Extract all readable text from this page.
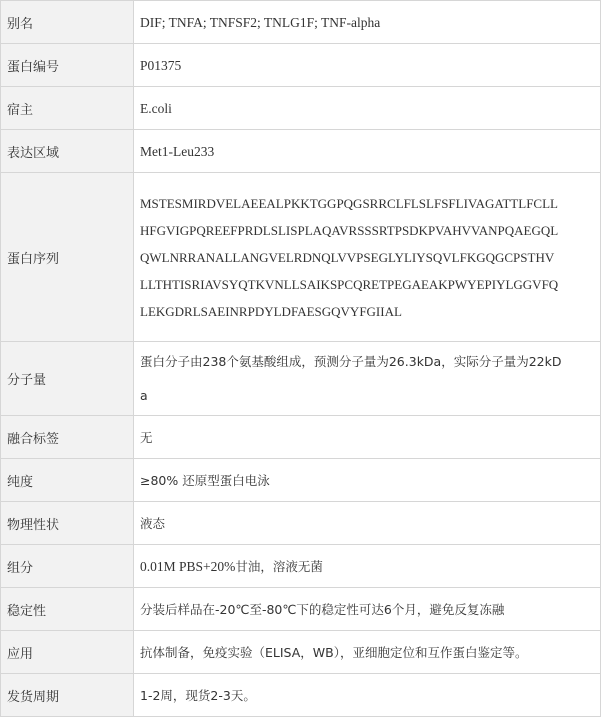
别名	DIF; TNFA; TNFSF2; TNLG1F; TNF-alpha
蛋白编号	P01375
宿主	E.coli
表达区域	Met1-Leu233
蛋白序列	MSTESMIRDVELAEEALPKKTGGPQGSRRCLFLSLFSFLIVAGATTLFCLL
HFGVIGPQREEFPRDLSLISPLAQAVRSSSRTPSDKPVAHVVANPQAEGQL
QWLNRRANALLANGVELRDNQLVVPSEGLYLIYSQVLFKGQGCPSTHV
LLTHTISRIAVSYQTKVNLLSAIKSPCQRETPEGAEAKPWYEPIYLGGVFQ
LEKGDRLSAEINRPDYLDFAESGQVYFGIIAL

分子量	蛋白分子由238个氨基酸组成，预测分子量为26.3kDa，实际分子量为22kD
a

融合标签	无
纯度	≥80% 还原型蛋白电泳
物理性状	液态
组分	0.01M PBS+20%甘油，溶液无菌
稳定性	分装后样品在-20℃至-80℃下的稳定性可达6个月，避免反复冻融
应用	抗体制备，免疫实验（ELISA，WB），亚细胞定位和互作蛋白鉴定等。
发货周期	1-2周，现货2-3天。
